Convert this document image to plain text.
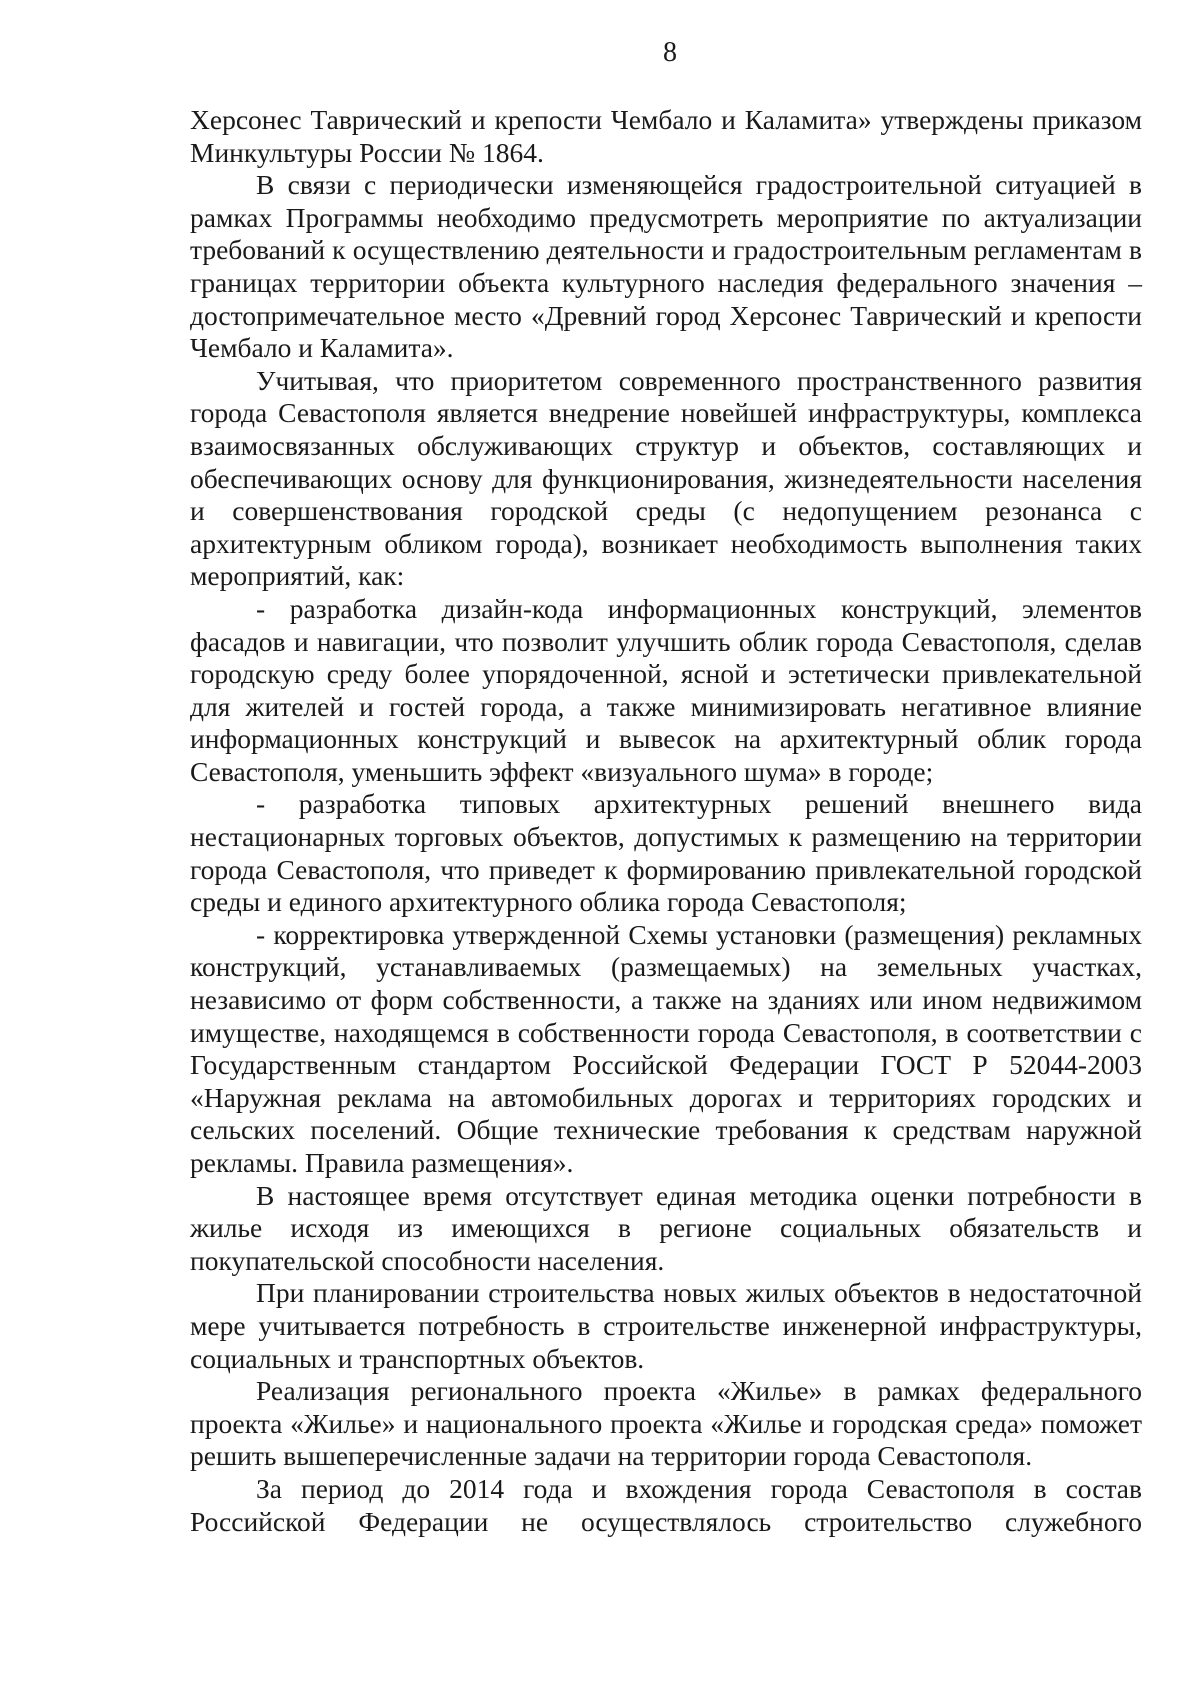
8

Херсонес Таврический и крепости Чембало и Каламита» утверждены приказом Минкультуры России № 1864.

В связи с периодически изменяющейся градостроительной ситуацией в рамках Программы необходимо предусмотреть мероприятие по актуализации требований к осуществлению деятельности и градостроительным регламентам в границах территории объекта культурного наследия федерального значения – достопримечательное место «Древний город Херсонес Таврический и крепости Чембало и Каламита».

Учитывая, что приоритетом современного пространственного развития города Севастополя является внедрение новейшей инфраструктуры, комплекса взаимосвязанных обслуживающих структур и объектов, составляющих и обеспечивающих основу для функционирования, жизнедеятельности населения и совершенствования городской среды (с недопущением резонанса с архитектурным обликом города), возникает необходимость выполнения таких мероприятий, как:

- разработка дизайн-кода информационных конструкций, элементов фасадов и навигации, что позволит улучшить облик города Севастополя, сделав городскую среду более упорядоченной, ясной и эстетически привлекательной для жителей и гостей города, а также минимизировать негативное влияние информационных конструкций и вывесок на архитектурный облик города Севастополя, уменьшить эффект «визуального шума» в городе;

- разработка типовых архитектурных решений внешнего вида нестационарных торговых объектов, допустимых к размещению на территории города Севастополя, что приведет к формированию привлекательной городской среды и единого архитектурного облика города Севастополя;

- корректировка утвержденной Схемы установки (размещения) рекламных конструкций, устанавливаемых (размещаемых) на земельных участках, независимо от форм собственности, а также на зданиях или ином недвижимом имуществе, находящемся в собственности города Севастополя, в соответствии с Государственным стандартом Российской Федерации ГОСТ Р 52044-2003 «Наружная реклама на автомобильных дорогах и территориях городских и сельских поселений. Общие технические требования к средствам наружной рекламы. Правила размещения».

В настоящее время отсутствует единая методика оценки потребности в жилье исходя из имеющихся в регионе социальных обязательств и покупательской способности населения.

При планировании строительства новых жилых объектов в недостаточной мере учитывается потребность в строительстве инженерной инфраструктуры, социальных и транспортных объектов.

Реализация регионального проекта «Жилье» в рамках федерального проекта «Жилье» и национального проекта «Жилье и городская среда» поможет решить вышеперечисленные задачи на территории города Севастополя.

За период до 2014 года и вхождения города Севастополя в состав Российской Федерации не осуществлялось строительство служебного
